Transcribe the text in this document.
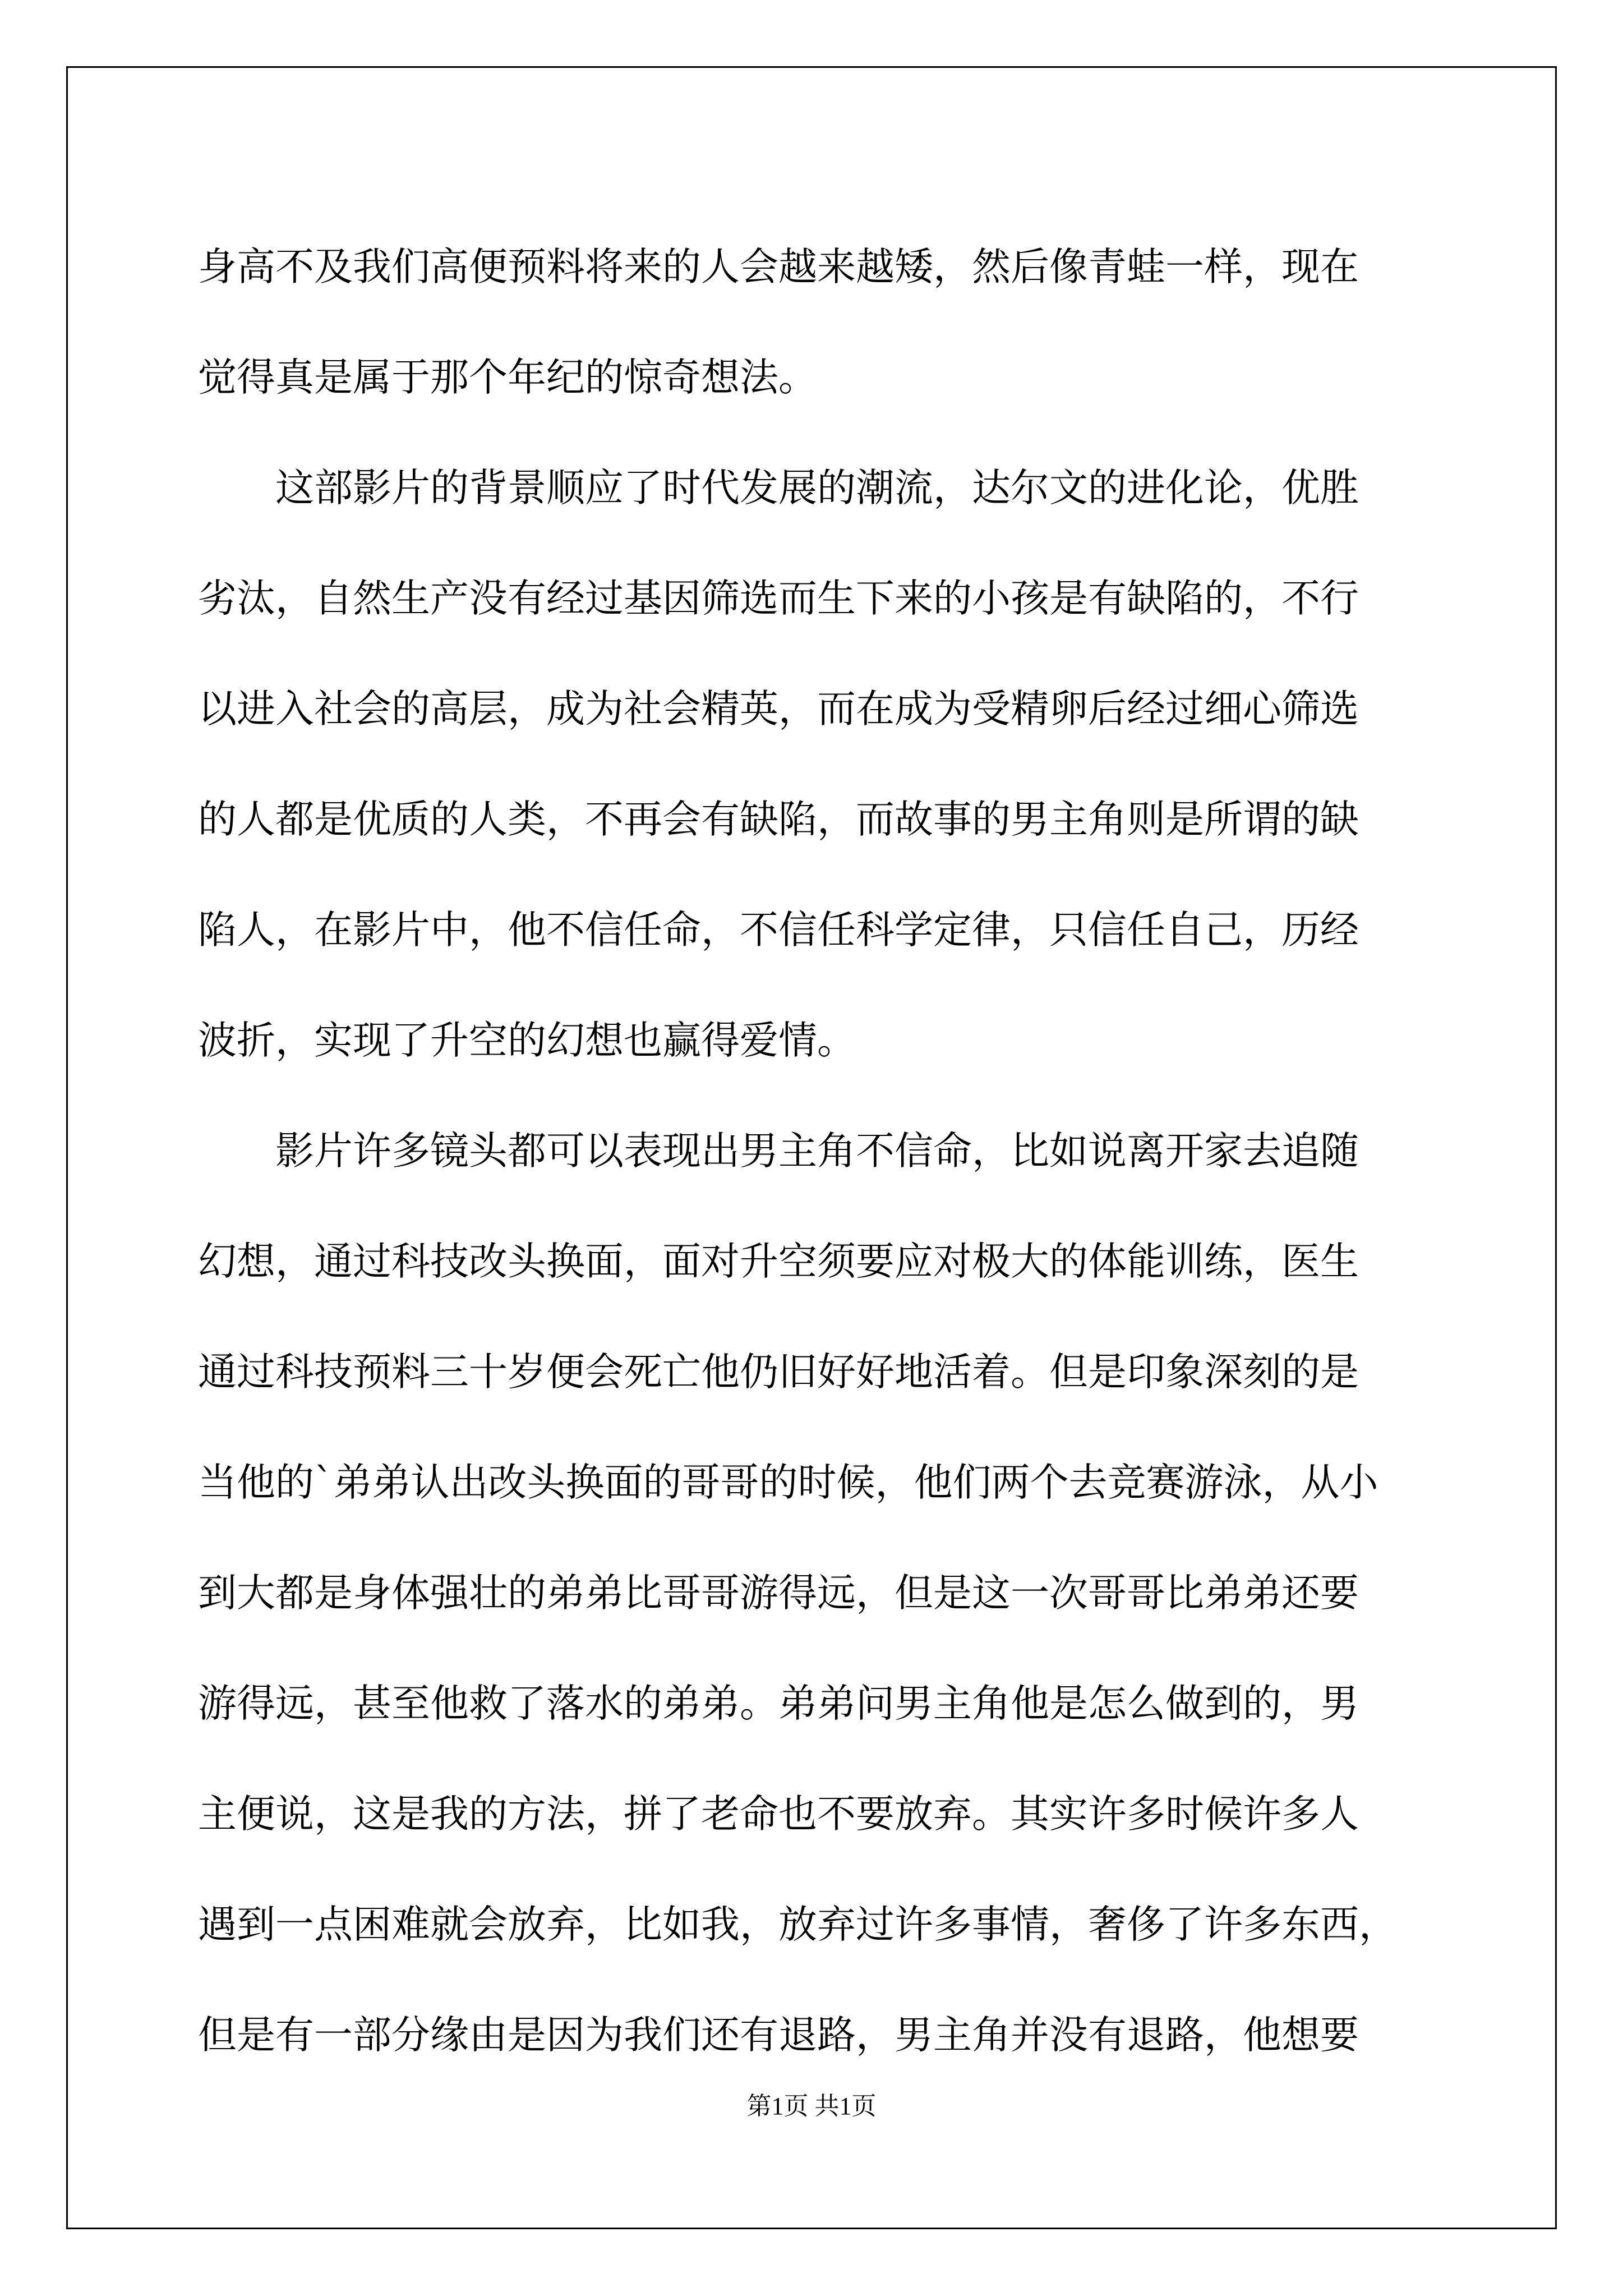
身高不及我们高便预料将来的人会越来越矮，然后像青蛙一样，现在
觉得真是属于那个年纪的惊奇想法。
这部影片的背景顺应了时代发展的潮流，达尔文的进化论，优胜
劣汰，自然生产没有经过基因筛选而生下来的小孩是有缺陷的，不行
以进入社会的高层，成为社会精英，而在成为受精卵后经过细心筛选
的人都是优质的人类，不再会有缺陷，而故事的男主角则是所谓的缺
陷人，在影片中，他不信任命，不信任科学定律，只信任自己，历经
波折，实现了升空的幻想也赢得爱情。
影片许多镜头都可以表现出男主角不信命，比如说离开家去追随
幻想，通过科技改头换面，面对升空须要应对极大的体能训练，医生
通过科技预料三十岁便会死亡他仍旧好好地活着。但是印象深刻的是
当他的`弟弟认出改头换面的哥哥的时候，他们两个去竞赛游泳，从小
到大都是身体强壮的弟弟比哥哥游得远，但是这一次哥哥比弟弟还要
游得远，甚至他救了落水的弟弟。弟弟问男主角他是怎么做到的，男
主便说，这是我的方法，拼了老命也不要放弃。其实许多时候许多人
遇到一点困难就会放弃，比如我，放弃过许多事情，奢侈了许多东西，
但是有一部分缘由是因为我们还有退路，男主角并没有退路，他想要
第1页 共1页
